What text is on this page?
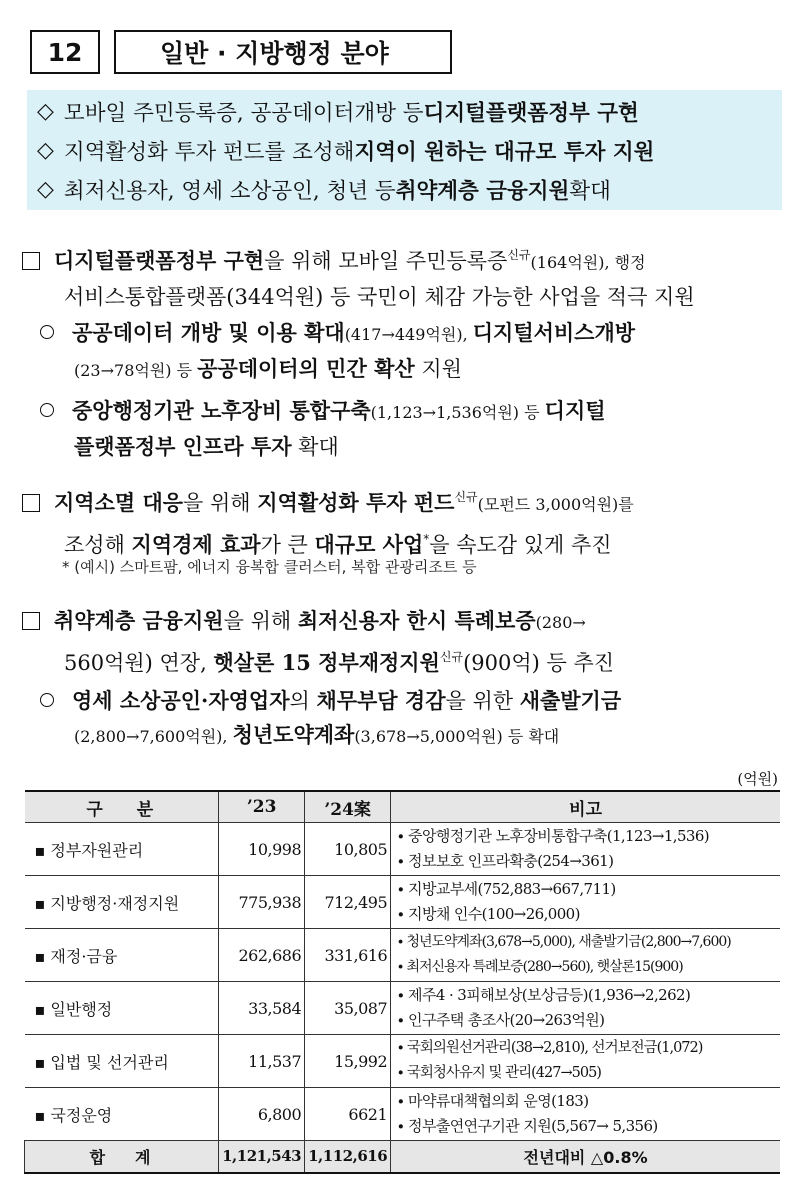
12	일반 · 지방행정 분야
◇ 모바일 주민등록증, 공공데이터개방 등 디지털플랫폼정부 구현
◇ 지역활성화 투자 펀드를 조성해 지역이 원하는 대규모 투자 지원
◇ 최저신용자, 영세 소상공인, 청년 등 취약계층 금융지원 확대
디지털플랫폼정부 구현을 위해 모바일 주민등록증$^{신규}$(164억원), 행정
서비스통합플랫폼(344억원) 등 국민이 체감 가능한 사업을 적극 지원
공공데이터 개방 및 이용 확대(417→449억원), 디지털서비스개방
(23→78억원) 등 공공데이터의 민간 확산 지원
중앙행정기관 노후장비 통합구축(1,123→1,536억원) 등 디지털
플랫폼정부 인프라 투자 확대
지역소멸 대응을 위해 지역활성화 투자 펀드$^{신규}$(모펀드 3,000억원)를
조성해 지역경제 효과가 큰 대규모 사업*을 속도감 있게 추진
* (예시) 스마트팜, 에너지 융복합 클러스터, 복합 관광리조트 등
취약계층 금융지원을 위해 최저신용자 한시 특례보증(280→
560억원) 연장, 햇살론 15 정부재정지원$^{신규}$(900억) 등 추진
영세 소상공인·자영업자의 채무부담 경감을 위한 새출발기금
(2,800→7,600억원), 청년도약계좌(3,678→5,000억원) 등 확대
(억원)
구분	’23	’24案	비고
▪ 정부자원관리	10,998	10,805	∙ 중앙행정기관 노후장비통합구축(1,123→1,536)
∙ 정보보호 인프라확충(254→361)

▪ 지방행정·재정지원	775,938	712,495	∙ 지방교부세(752,883→667,711)
∙ 지방채 인수(100→26,000)

▪ 재정·금융	262,686	331,616	∙ 청년도약계좌(3,678→5,000), 새출발기금(2,800→7,600)
∙ 최저신용자 특례보증(280→560), 햇살론15(900)

▪ 일반행정	33,584	35,087	∙ 제주4 · 3피해보상(보상금등)(1,936→2,262)
∙ 인구주택 총조사(20→263억원)

▪ 입법 및 선거관리	11,537	15,992	∙ 국회의원선거관리(38→2,810), 선거보전금(1,072)
∙ 국회청사유지 및 관리(427→505)

▪ 국정운영	6,800	6621	∙ 마약류대책협의회 운영(183)
∙ 정부출연연구기관 지원(5,567→ 5,356)

합계	1,121,543	1,112,616	전년대비 △0.8%
